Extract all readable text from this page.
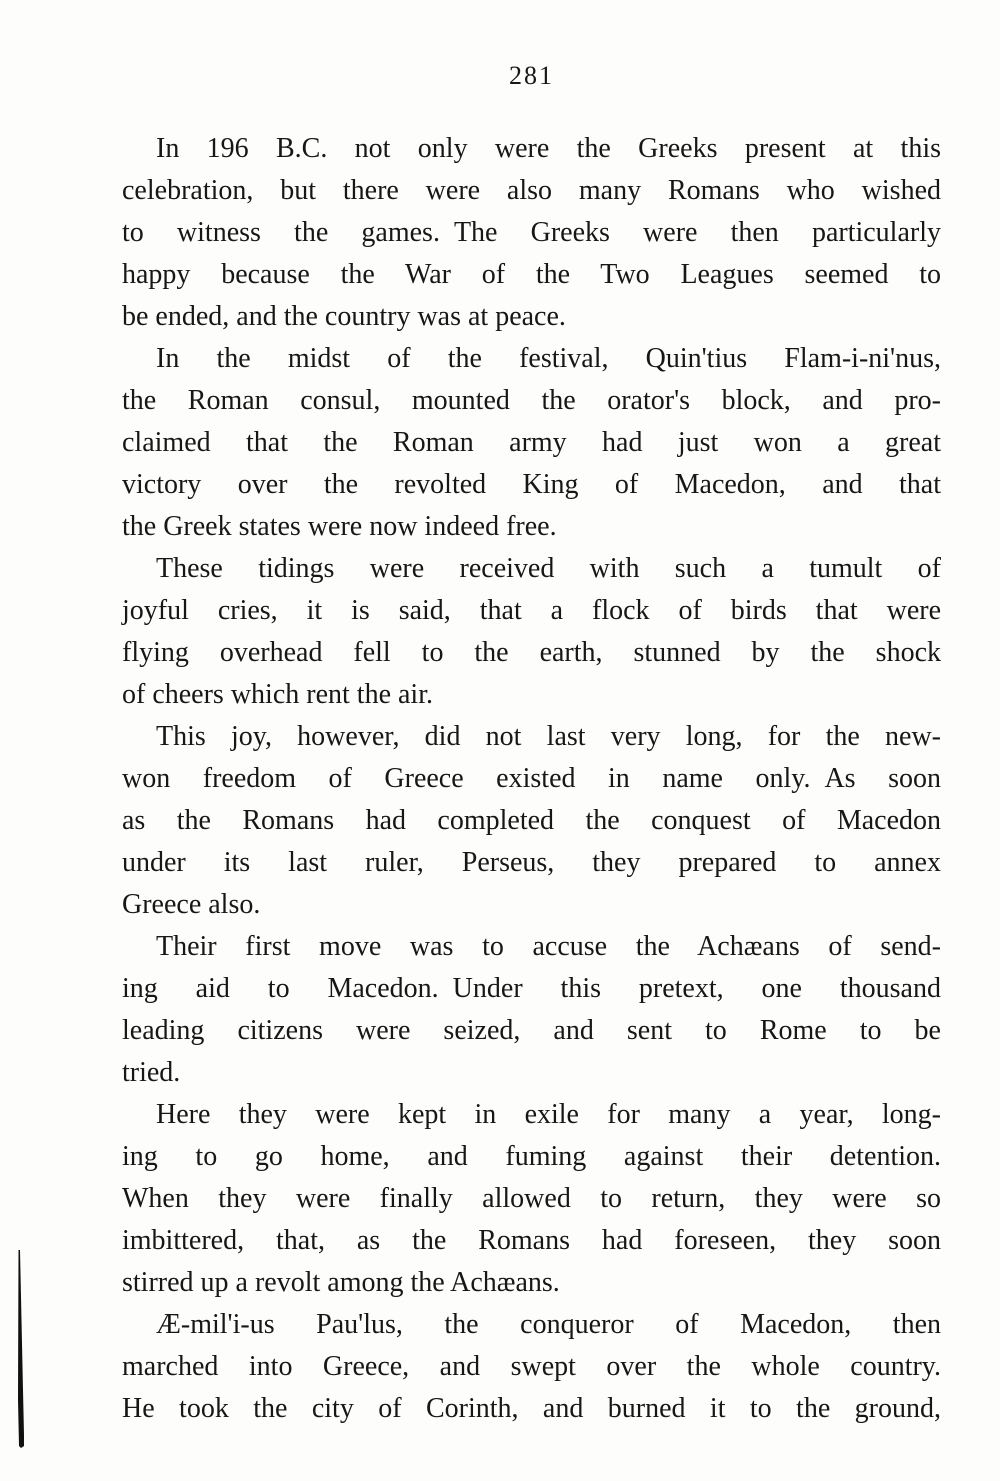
281
In 196 B.C. not only were the Greeks present at this
celebration, but there were also many Romans who wished
to witness the games. The Greeks were then particularly
happy because the War of the Two Leagues seemed to
be ended, and the country was at peace.
In the midst of the festival, Quin'tius Flam-i-ni'nus,
the Roman consul, mounted the orator's block, and pro-
claimed that the Roman army had just won a great
victory over the revolted King of Macedon, and that
the Greek states were now indeed free.
These tidings were received with such a tumult of
joyful cries, it is said, that a flock of birds that were
flying overhead fell to the earth, stunned by the shock
of cheers which rent the air.
This joy, however, did not last very long, for the new-
won freedom of Greece existed in name only. As soon
as the Romans had completed the conquest of Macedon
under its last ruler, Perseus, they prepared to annex
Greece also.
Their first move was to accuse the Achæans of send-
ing aid to Macedon. Under this pretext, one thousand
leading citizens were seized, and sent to Rome to be
tried.
Here they were kept in exile for many a year, long-
ing to go home, and fuming against their detention.
When they were finally allowed to return, they were so
imbittered, that, as the Romans had foreseen, they soon
stirred up a revolt among the Achæans.
Æ-mil'i-us Pau'lus, the conqueror of Macedon, then
marched into Greece, and swept over the whole country.
He took the city of Corinth, and burned it to the ground,
